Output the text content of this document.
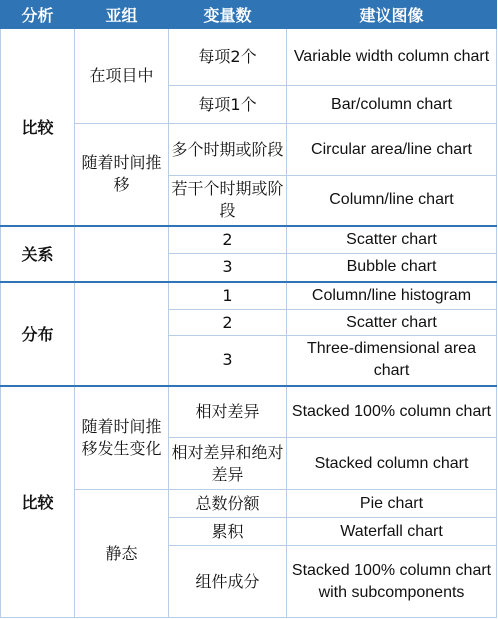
分析	亚组	变量数	建议图像
比较	在项目中	每项2个	Variable width column chart
		每项1个	Bar/column chart
	随着时间推移	多个时期或阶段	Circular area/line chart
		若干个时期或阶段	Column/line chart
关系		2	Scatter chart
		3	Bubble chart
分布		1	Column/line histogram
		2	Scatter chart
		3	Three-dimensional area chart
比较	随着时间推移发生变化	相对差异	Stacked 100% column chart
		相对差异和绝对差异	Stacked column chart
	静态	总数份额	Pie chart
		累积	Waterfall chart
		组件成分	Stacked 100% column chart with subcomponents
